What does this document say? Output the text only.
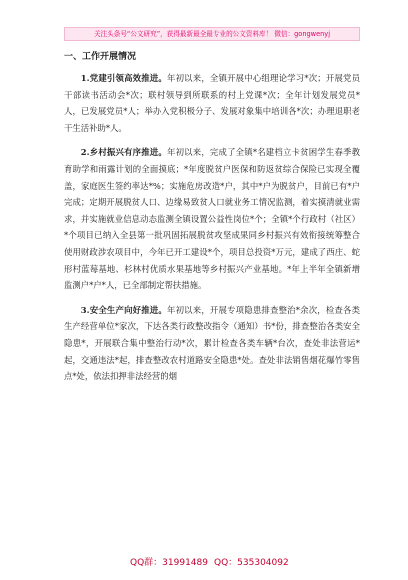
关注头条号“公文研究”，获得最新最全最专业的公文资料库！ 微信：gongwenyj
一、工作开展情况

1.党建引领高效推进。年初以来，全镇开展中心组理论学习*次；开展党员干部读书活动会*次；联村领导到所联系的村上党课*次；全年计划发展党员*人，已发展党员*人；举办入党积极分子、发展对象集中培训各*次；办理退职老干生活补助*人。

2.乡村振兴有序推进。年初以来，完成了全镇*名建档立卡贫困学生春季教育助学和雨露计划的全面摸底；*年度脱贫户医保和防返贫综合保险已实现全覆盖，家庭医生签约率达*%；实施危房改造*户，其中*户为脱贫户，目前已有*户完成；定期开展脱贫人口、边缘易致贫人口就业务工情况监测，着实摸清就业需求，并实施就业信息动态监测全镇设置公益性岗位*个；全镇*个行政村（社区）*个项目已纳入全县第一批巩固拓展脱贫攻坚成果同乡村振兴有效衔接统筹整合使用财政涉农项目中，今年已开工建设*个，项目总投资*万元，建成了西庄、蛇形村蓝莓基地、杉林村优质水果基地等乡村振兴产业基地。*年上半年全镇新增监测户*户*人，已全部制定帮扶措施。

3.安全生产向好推进。年初以来，开展专项隐患排查整治*余次，检查各类生产经营单位*家次，下达各类行政整改指令（通知）书*份，排查整治各类安全隐患*，开展联合集中整治行动*次，累计检查各类车辆*台次，查处非法营运*起，交通违法*起，排查整改农村道路安全隐患*处。查处非法销售烟花爆竹零售点*处，依法扣押非法经营的烟

QQ群：31991489 QQ：535304092
